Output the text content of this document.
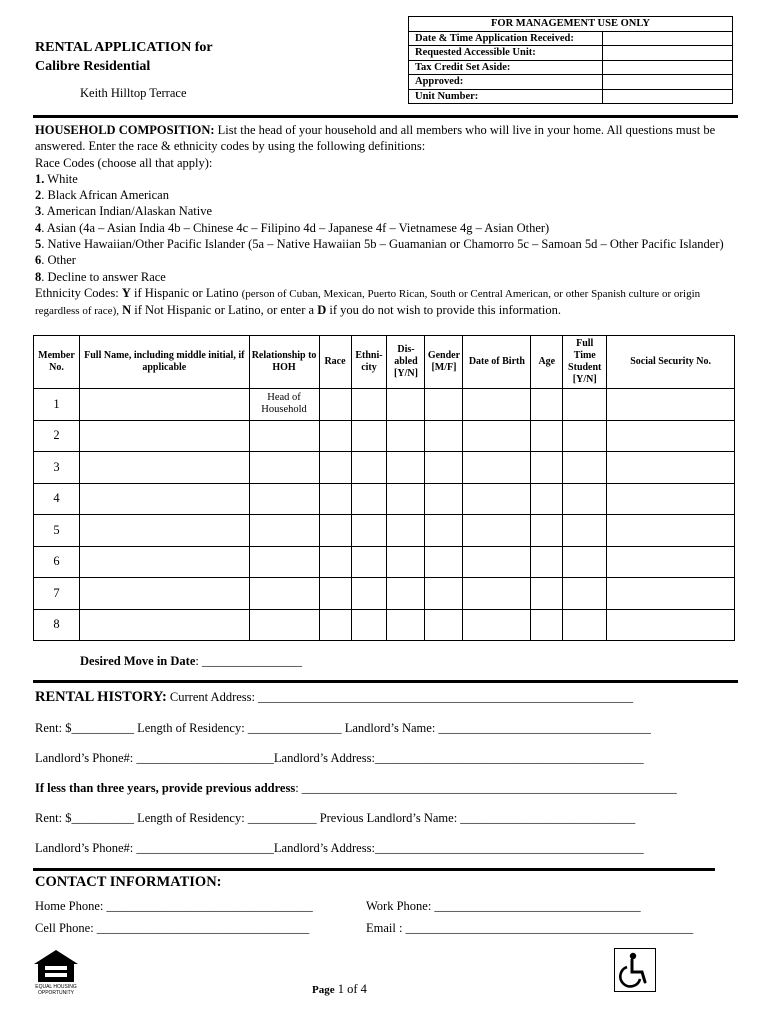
RENTAL APPLICATION for
Calibre Residential
Keith Hilltop Terrace
FOR MANAGEMENT USE ONLY	
Date & Time Application Received:	
Requested Accessible Unit:	
Tax Credit Set Aside:	
Approved:	
Unit Number:	
HOUSEHOLD COMPOSITION: List the head of your household and all members who will live in your home. All questions must be answered. Enter the race & ethnicity codes by using the following definitions:
Race Codes (choose all that apply):
1. White
2. Black African American
3. American Indian/Alaskan Native
4. Asian (4a – Asian India 4b – Chinese 4c – Filipino 4d – Japanese 4f – Vietnamese 4g – Asian Other)
5. Native Hawaiian/Other Pacific Islander (5a – Native Hawaiian 5b – Guamanian or Chamorro 5c – Samoan 5d – Other Pacific Islander)
6. Other
8. Decline to answer Race
Ethnicity Codes: Y if Hispanic or Latino (person of Cuban, Mexican, Puerto Rican, South or Central American, or other Spanish culture or origin regardless of race), N if Not Hispanic or Latino, or enter a D if you do not wish to provide this information.
Member No.	Full Name, including middle initial, if applicable	Relationship to HOH	Race	Ethni-city	Dis-abled [Y/N]	Gender [M/F]	Date of Birth	Age	Full Time Student [Y/N]	Social Security No.
1		Head of Household								
2										
3										
4										
5										
6										
7										
8										
Desired Move in Date: ________________
RENTAL HISTORY: Current Address: ____________________________________________________________
Rent: $__________ Length of Residency: _______________ Landlord’s Name: __________________________________
Landlord’s Phone#: ______________________Landlord’s Address:___________________________________________
If less than three years, provide previous address: ____________________________________________________________
Rent: $__________ Length of Residency: ___________ Previous Landlord’s Name: ____________________________
Landlord’s Phone#: ______________________Landlord’s Address:___________________________________________
CONTACT INFORMATION:
Home Phone: _________________________________	Work Phone: _________________________________
Cell Phone: __________________________________	Email : ______________________________________________
EQUAL HOUSING OPPORTUNITY	Page 1 of 4
